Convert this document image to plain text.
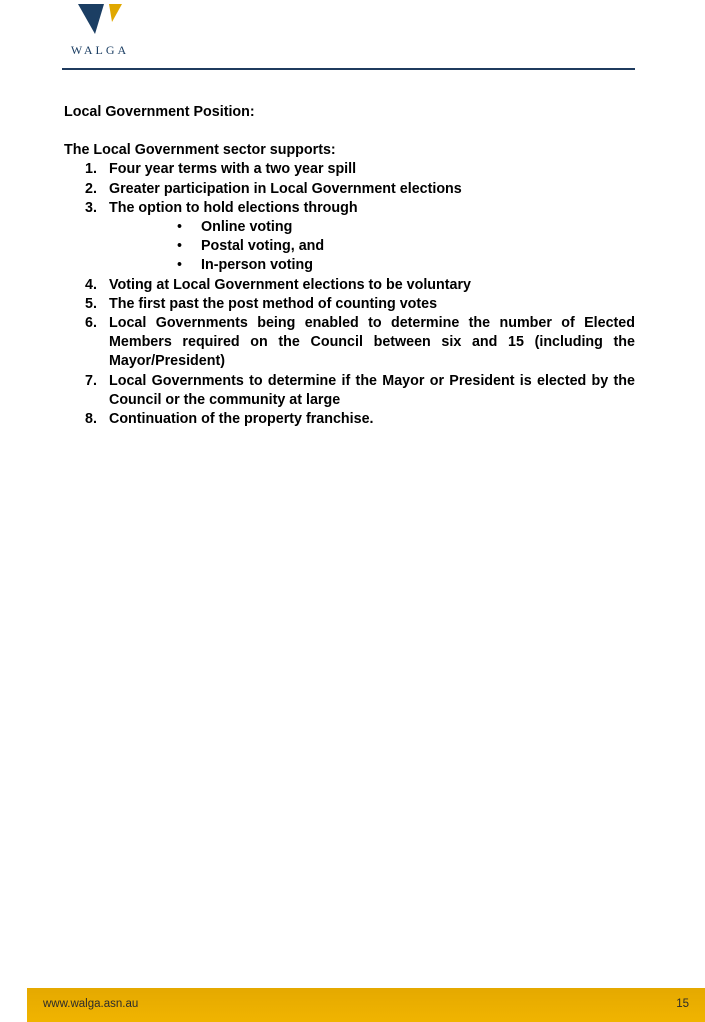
WALGA

Local Government Position:

The Local Government sector supports:

1. Four year terms with a two year spill
2. Greater participation in Local Government elections
3. The option to hold elections through
• Online voting
• Postal voting, and
• In-person voting
4. Voting at Local Government elections to be voluntary
5. The first past the post method of counting votes
6. Local Governments being enabled to determine the number of Elected Members required on the Council between six and 15 (including the Mayor/President)
7. Local Governments to determine if the Mayor or President is elected by the Council or the community at large
8. Continuation of the property franchise.
www.walga.asn.au	15
